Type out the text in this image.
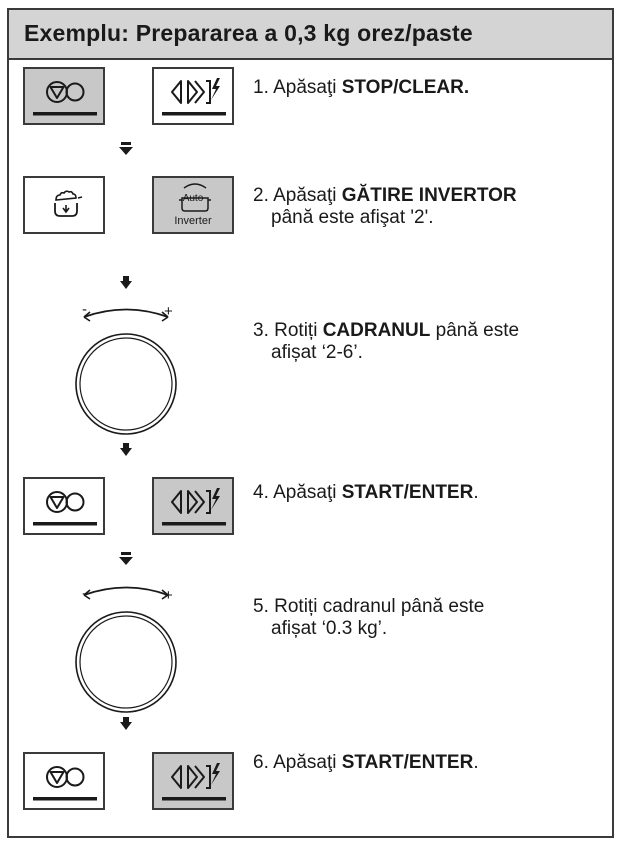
Exemplu: Prepararea a 0,3 kg orez/paste
1. Apăsaţi STOP/CLEAR.
Auto
Inverter
2. Apăsaţi GĂTIRE INVERTOR
până este afişat '2'.
-	+
3. Rotiți CADRANUL până este
afișat ‘2-6’.
4. Apăsaţi START/ENTER.
-	+
5. Rotiți cadranul până este
afișat ‘0.3 kg’.
6. Apăsaţi START/ENTER.
